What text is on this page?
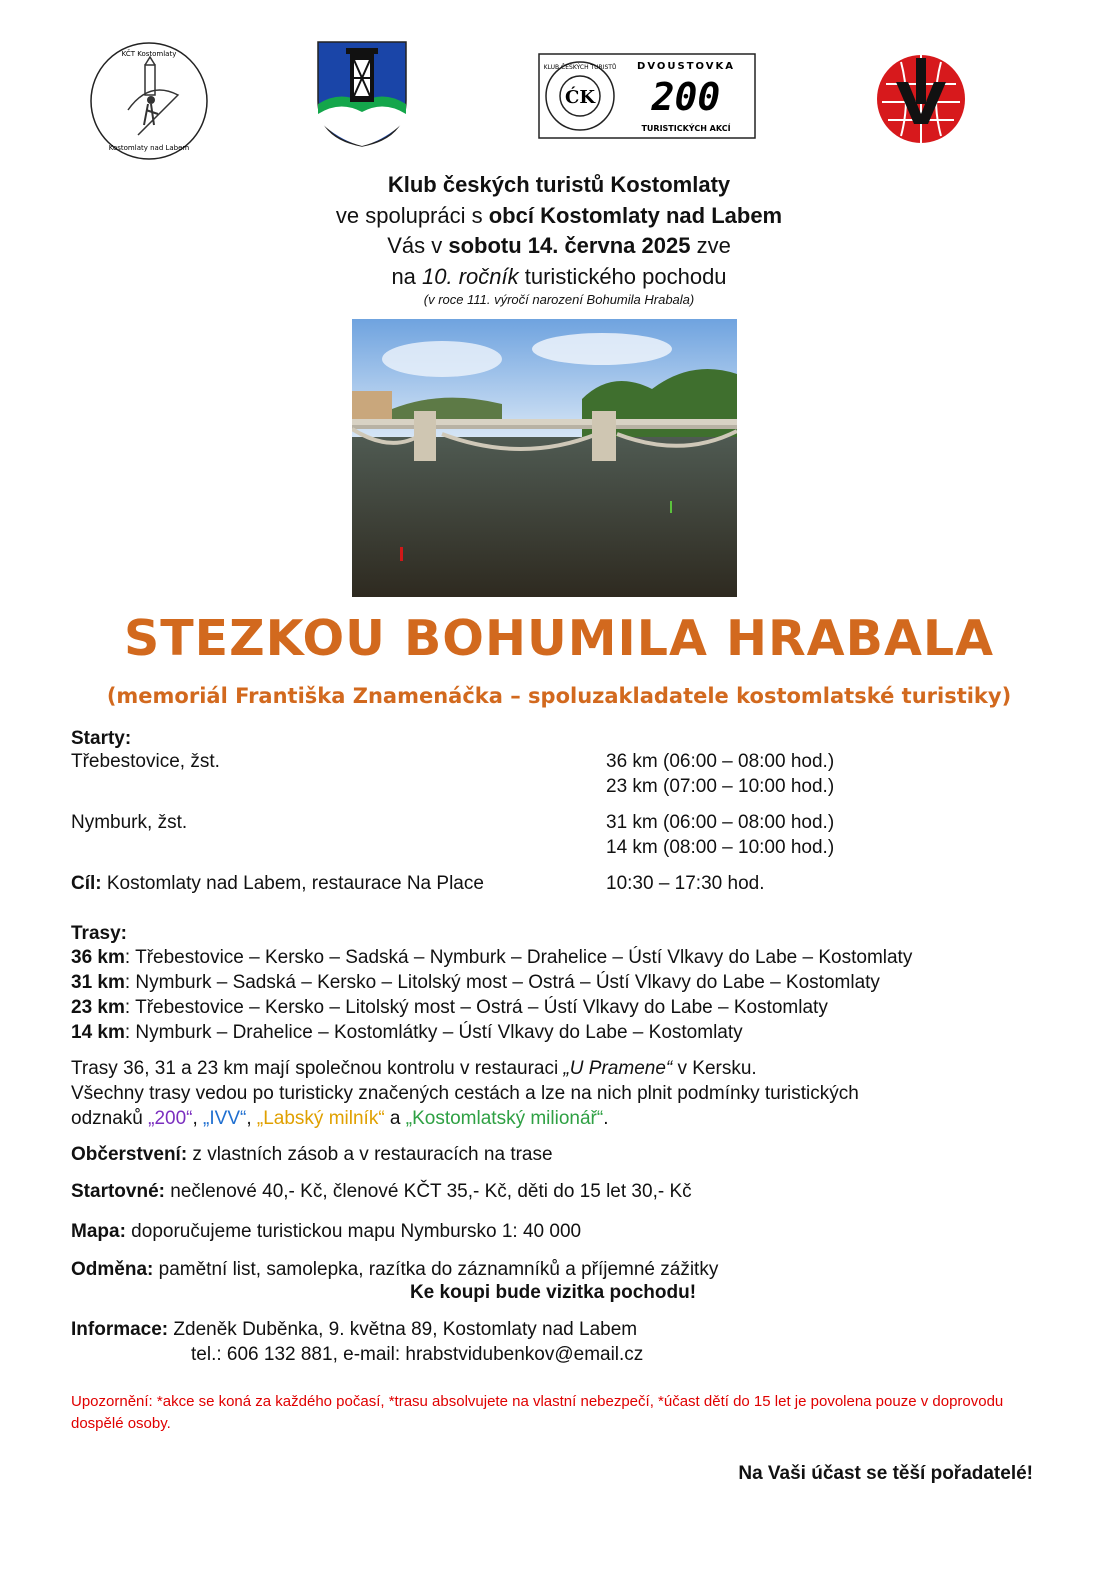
KČT Kostomlaty
Kostomlaty nad Labem
ĆK
KLUB ČESKÝCH TURISTŮ DVOUSTOVKA
200
TURISTICKÝCH AKCÍ
IVV
Klub českých turistů Kostomlaty
ve spolupráci s obcí Kostomlaty nad Labem
Vás v sobotu 14. června 2025 zve
na 10. ročník turistického pochodu
(v roce 111. výročí narození Bohumila Hrabala)
STEZKOU BOHUMILA HRABALA
(memoriál Františka Znamenáčka – spoluzakladatele kostomlatské turistiky)
Starty:
Třebestovice, žst.	36 km (06:00 – 08:00 hod.)
23 km (07:00 – 10:00 hod.)
Nymburk, žst.	31 km (06:00 – 08:00 hod.)
14 km (08:00 – 10:00 hod.)
Cíl: Kostomlaty nad Labem, restaurace Na Place	10:30 – 17:30 hod.
Trasy:
36 km: Třebestovice – Kersko – Sadská – Nymburk – Drahelice – Ústí Vlkavy do Labe – Kostomlaty
31 km: Nymburk – Sadská – Kersko – Litolský most – Ostrá – Ústí Vlkavy do Labe – Kostomlaty
23 km: Třebestovice – Kersko – Litolský most – Ostrá – Ústí Vlkavy do Labe – Kostomlaty
14 km: Nymburk – Drahelice – Kostomlátky – Ústí Vlkavy do Labe – Kostomlaty
Trasy 36, 31 a 23 km mají společnou kontrolu v restauraci „U Pramene“ v Kersku.
Všechny trasy vedou po turisticky značených cestách a lze na nich plnit podmínky turistických
odznaků „200“, „IVV“, „Labský milník“ a „Kostomlatský milionář“.
Občerstvení: z vlastních zásob a v restauracích na trase
Startovné: nečlenové 40,- Kč, členové KČT 35,- Kč, děti do 15 let 30,- Kč
Mapa: doporučujeme turistickou mapu Nymbursko 1: 40 000
Odměna: pamětní list, samolepka, razítka do záznamníků a příjemné zážitky
Ke koupi bude vizitka pochodu!
Informace: Zdeněk Duběnka, 9. května 89, Kostomlaty nad Labem
tel.: 606 132 881, e-mail: hrabstvidubenkov@email.cz
Upozornění: *akce se koná za každého počasí, *trasu absolvujete na vlastní nebezpečí, *účast dětí do 15 let je povolena pouze v doprovodu dospělé osoby.
Na Vaši účast se těší pořadatelé!
